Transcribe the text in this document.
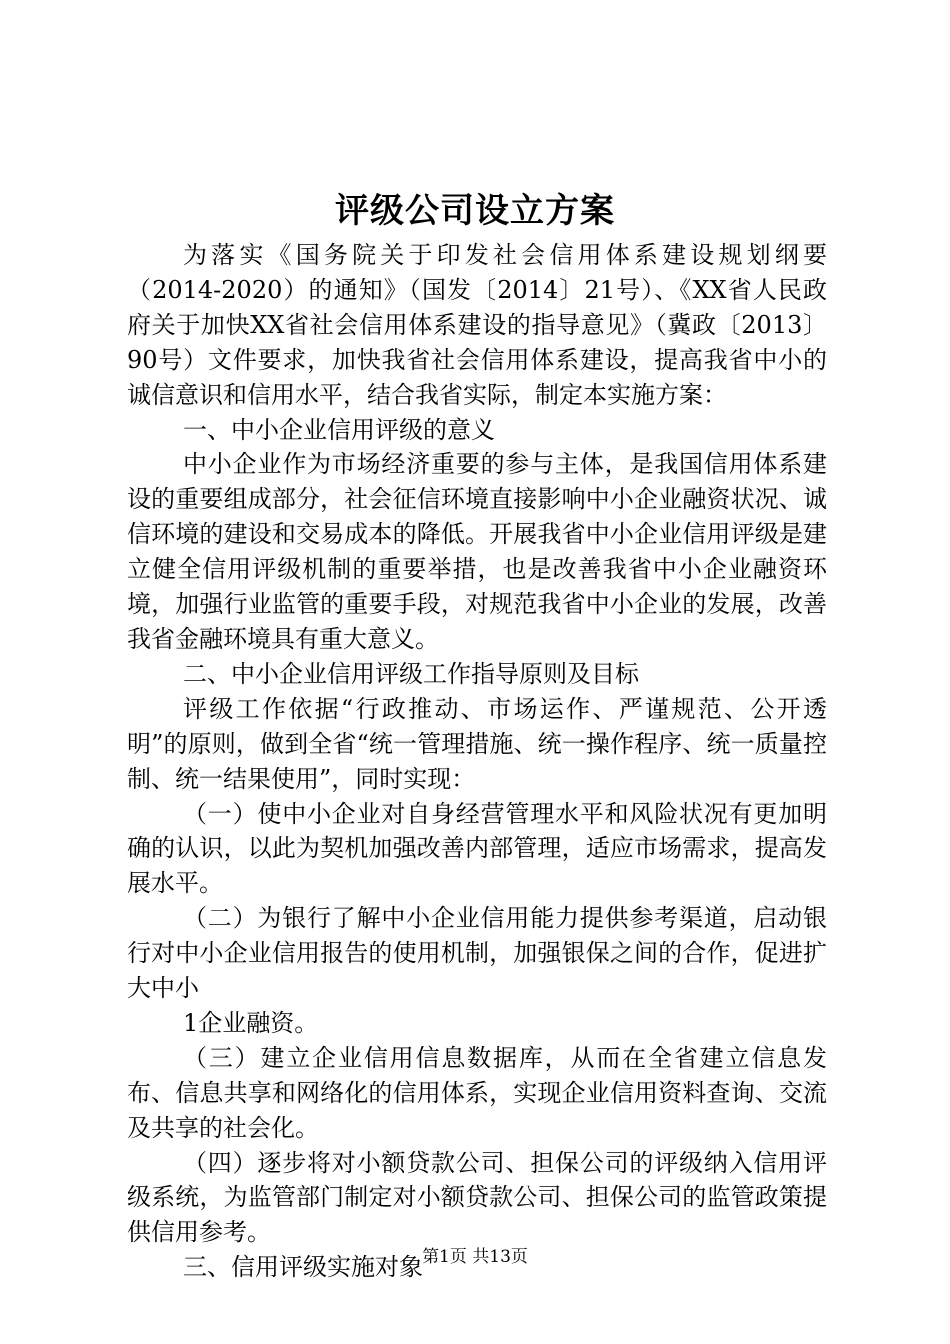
评级公司设立方案

为落实《国务院关于印发社会信用体系建设规划纲要（2014-2020）的通知》（国发〔2014〕21号）、《XX省人民政府关于加快XX省社会信用体系建设的指导意见》（冀政〔2013〕90号）文件要求，加快我省社会信用体系建设，提高我省中小的诚信意识和信用水平，结合我省实际，制定本实施方案：

一、中小企业信用评级的意义

中小企业作为市场经济重要的参与主体，是我国信用体系建设的重要组成部分，社会征信环境直接影响中小企业融资状况、诚信环境的建设和交易成本的降低。开展我省中小企业信用评级是建立健全信用评级机制的重要举措，也是改善我省中小企业融资环境，加强行业监管的重要手段，对规范我省中小企业的发展，改善我省金融环境具有重大意义。

二、中小企业信用评级工作指导原则及目标

评级工作依据“行政推动、市场运作、严谨规范、公开透明”的原则，做到全省“统一管理措施、统一操作程序、统一质量控制、统一结果使用”，同时实现：

（一）使中小企业对自身经营管理水平和风险状况有更加明确的认识，以此为契机加强改善内部管理，适应市场需求，提高发展水平。

（二）为银行了解中小企业信用能力提供参考渠道，启动银行对中小企业信用报告的使用机制，加强银保之间的合作，促进扩大中小

1企业融资。

（三）建立企业信用信息数据库，从而在全省建立信息发布、信息共享和网络化的信用体系，实现企业信用资料查询、交流及共享的社会化。

（四）逐步将对小额贷款公司、担保公司的评级纳入信用评级系统，为监管部门制定对小额贷款公司、担保公司的监管政策提供信用参考。

三、信用评级实施对象 第1页 共13页
